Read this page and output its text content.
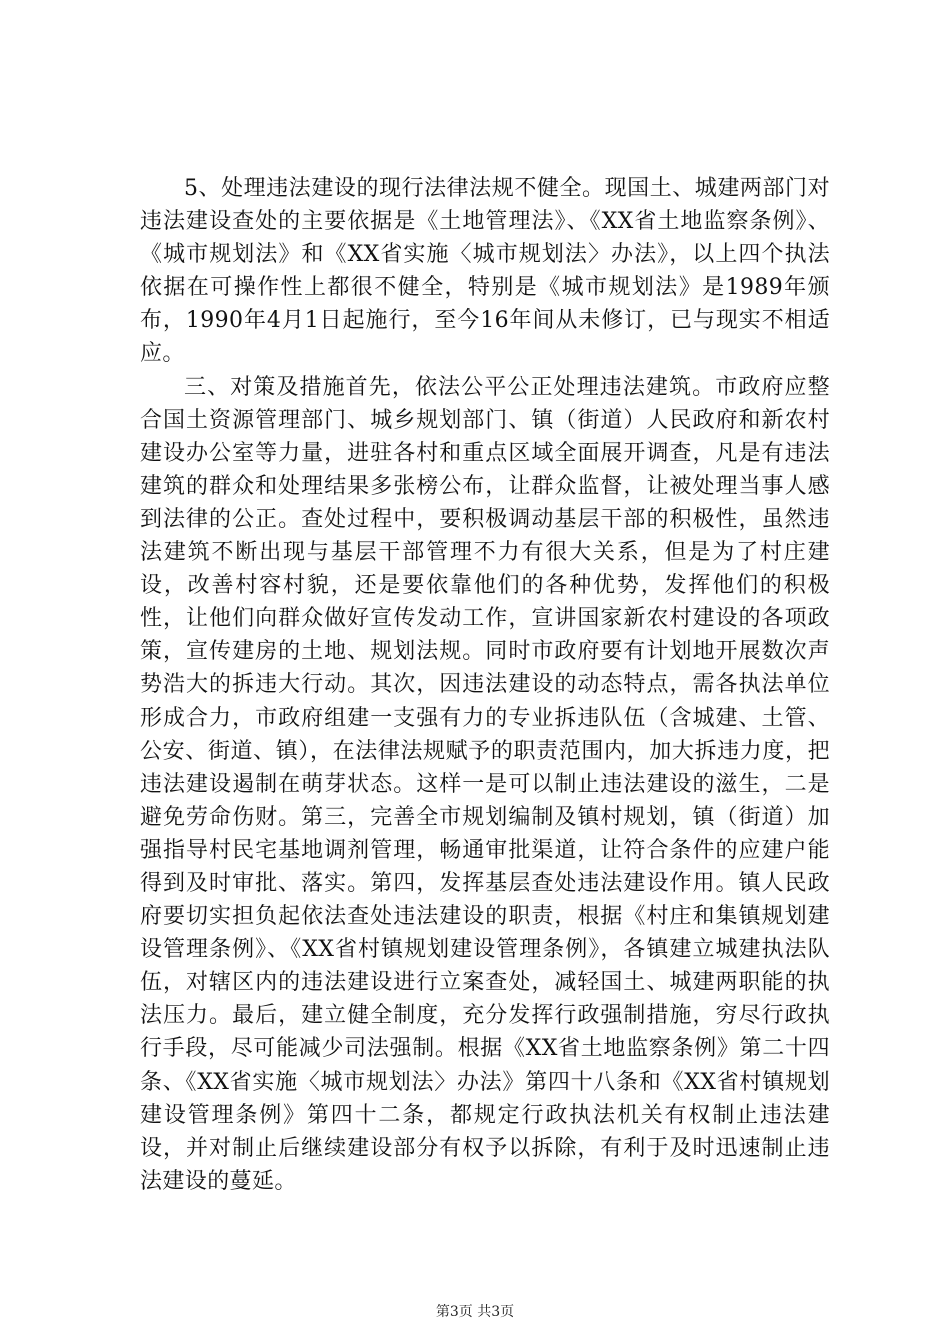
5、处理违法建设的现行法律法规不健全。现国土、城建两部门对违法建设查处的主要依据是《土地管理法》、《XX省土地监察条例》、《城市规划法》和《XX省实施〈城市规划法〉办法》，以上四个执法依据在可操作性上都很不健全，特别是《城市规划法》是1989年颁布，1990年4月1日起施行，至今16年间从未修订，已与现实不相适应。

三、对策及措施首先，依法公平公正处理违法建筑。市政府应整合国土资源管理部门、城乡规划部门、镇（街道）人民政府和新农村建设办公室等力量，进驻各村和重点区域全面展开调查，凡是有违法建筑的群众和处理结果多张榜公布，让群众监督，让被处理当事人感到法律的公正。查处过程中，要积极调动基层干部的积极性，虽然违法建筑不断出现与基层干部管理不力有很大关系，但是为了村庄建设，改善村容村貌，还是要依靠他们的各种优势，发挥他们的积极性，让他们向群众做好宣传发动工作，宣讲国家新农村建设的各项政策，宣传建房的土地、规划法规。同时市政府要有计划地开展数次声势浩大的拆违大行动。其次，因违法建设的动态特点，需各执法单位形成合力，市政府组建一支强有力的专业拆违队伍（含城建、土管、公安、街道、镇），在法律法规赋予的职责范围内，加大拆违力度，把违法建设遏制在萌芽状态。这样一是可以制止违法建设的滋生，二是避免劳命伤财。第三，完善全市规划编制及镇村规划，镇（街道）加强指导村民宅基地调剂管理，畅通审批渠道，让符合条件的应建户能得到及时审批、落实。第四，发挥基层查处违法建设作用。镇人民政府要切实担负起依法查处违法建设的职责，根据《村庄和集镇规划建设管理条例》、《XX省村镇规划建设管理条例》，各镇建立城建执法队伍，对辖区内的违法建设进行立案查处，减轻国土、城建两职能的执法压力。最后，建立健全制度，充分发挥行政强制措施，穷尽行政执行手段，尽可能减少司法强制。根据《XX省土地监察条例》第二十四条、《XX省实施〈城市规划法〉办法》第四十八条和《XX省村镇规划建设管理条例》第四十二条，都规定行政执法机关有权制止违法建设，并对制止后继续建设部分有权予以拆除，有利于及时迅速制止违法建设的蔓延。

第3页 共3页
